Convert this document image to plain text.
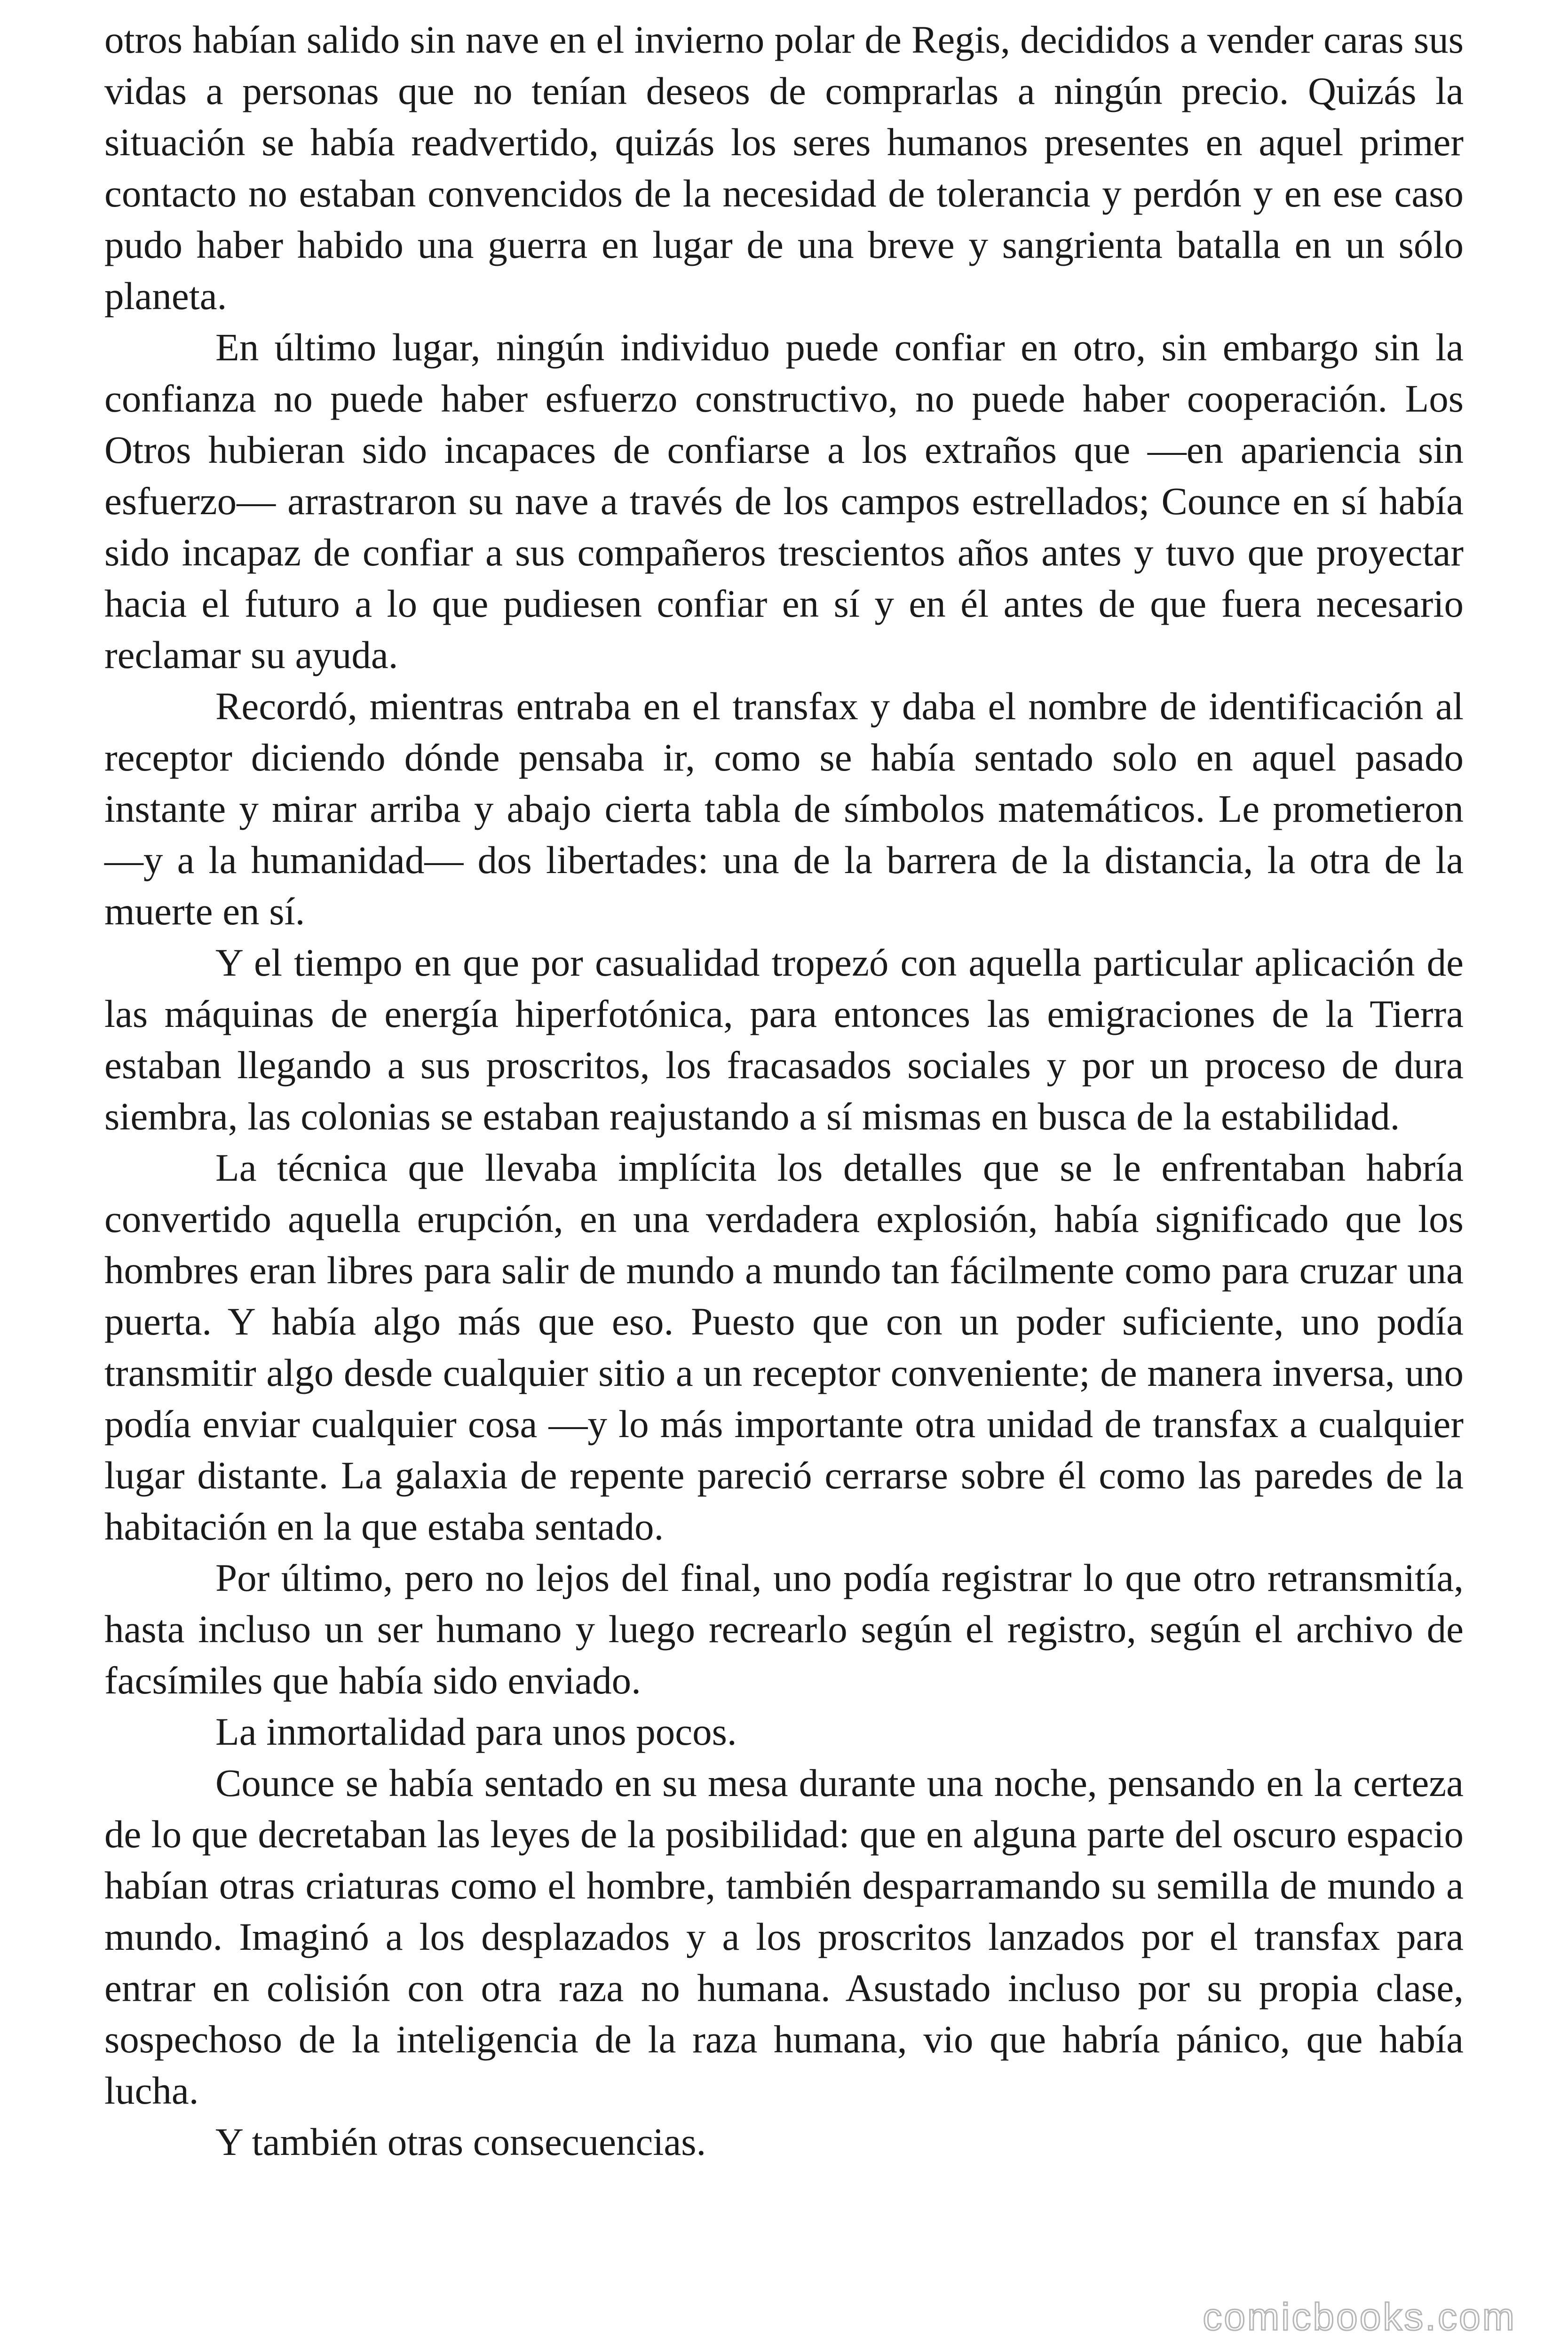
otros habían salido sin nave en el invierno polar de Regis, decididos a vender caras sus vidas a personas que no tenían deseos de comprarlas a ningún precio. Quizás la situación se había readvertido, quizás los seres humanos presentes en aquel primer contacto no estaban convencidos de la necesidad de tolerancia y perdón y en ese caso pudo haber habido una guerra en lugar de una breve y sangrienta batalla en un sólo planeta.

En último lugar, ningún individuo puede confiar en otro, sin embargo sin la confianza no puede haber esfuerzo constructivo, no puede haber cooperación. Los Otros hubieran sido incapaces de confiarse a los extraños que —en apariencia sin esfuerzo— arrastraron su nave a través de los campos estrellados; Counce en sí había sido incapaz de confiar a sus compañeros trescientos años antes y tuvo que proyectar hacia el futuro a lo que pudiesen confiar en sí y en él antes de que fuera necesario reclamar su ayuda.

Recordó, mientras entraba en el transfax y daba el nombre de identificación al receptor diciendo dónde pensaba ir, como se había sentado solo en aquel pasado instante y mirar arriba y abajo cierta tabla de símbolos matemáticos. Le prometieron —y a la humanidad— dos libertades: una de la barrera de la distancia, la otra de la muerte en sí.

Y el tiempo en que por casualidad tropezó con aquella particular aplicación de las máquinas de energía hiperfotónica, para entonces las emigraciones de la Tierra estaban llegando a sus proscritos, los fracasados sociales y por un proceso de dura siembra, las colonias se estaban reajustando a sí mismas en busca de la estabilidad.

La técnica que llevaba implícita los detalles que se le enfrentaban habría convertido aquella erupción, en una verdadera explosión, había significado que los hombres eran libres para salir de mundo a mundo tan fácilmente como para cruzar una puerta. Y había algo más que eso. Puesto que con un poder suficiente, uno podía transmitir algo desde cualquier sitio a un receptor conveniente; de manera inversa, uno podía enviar cualquier cosa —y lo más importante otra unidad de transfax a cualquier lugar distante. La galaxia de repente pareció cerrarse sobre él como las paredes de la habitación en la que estaba sentado.

Por último, pero no lejos del final, uno podía registrar lo que otro retransmitía, hasta incluso un ser humano y luego recrearlo según el registro, según el archivo de facsímiles que había sido enviado.

La inmortalidad para unos pocos.

Counce se había sentado en su mesa durante una noche, pensando en la certeza de lo que decretaban las leyes de la posibilidad: que en alguna parte del oscuro espacio habían otras criaturas como el hombre, también desparramando su semilla de mundo a mundo. Imaginó a los desplazados y a los proscritos lanzados por el transfax para entrar en colisión con otra raza no humana. Asustado incluso por su propia clase, sospechoso de la inteligencia de la raza humana, vio que habría pánico, que había lucha.

Y también otras consecuencias.

comicbooks.com
